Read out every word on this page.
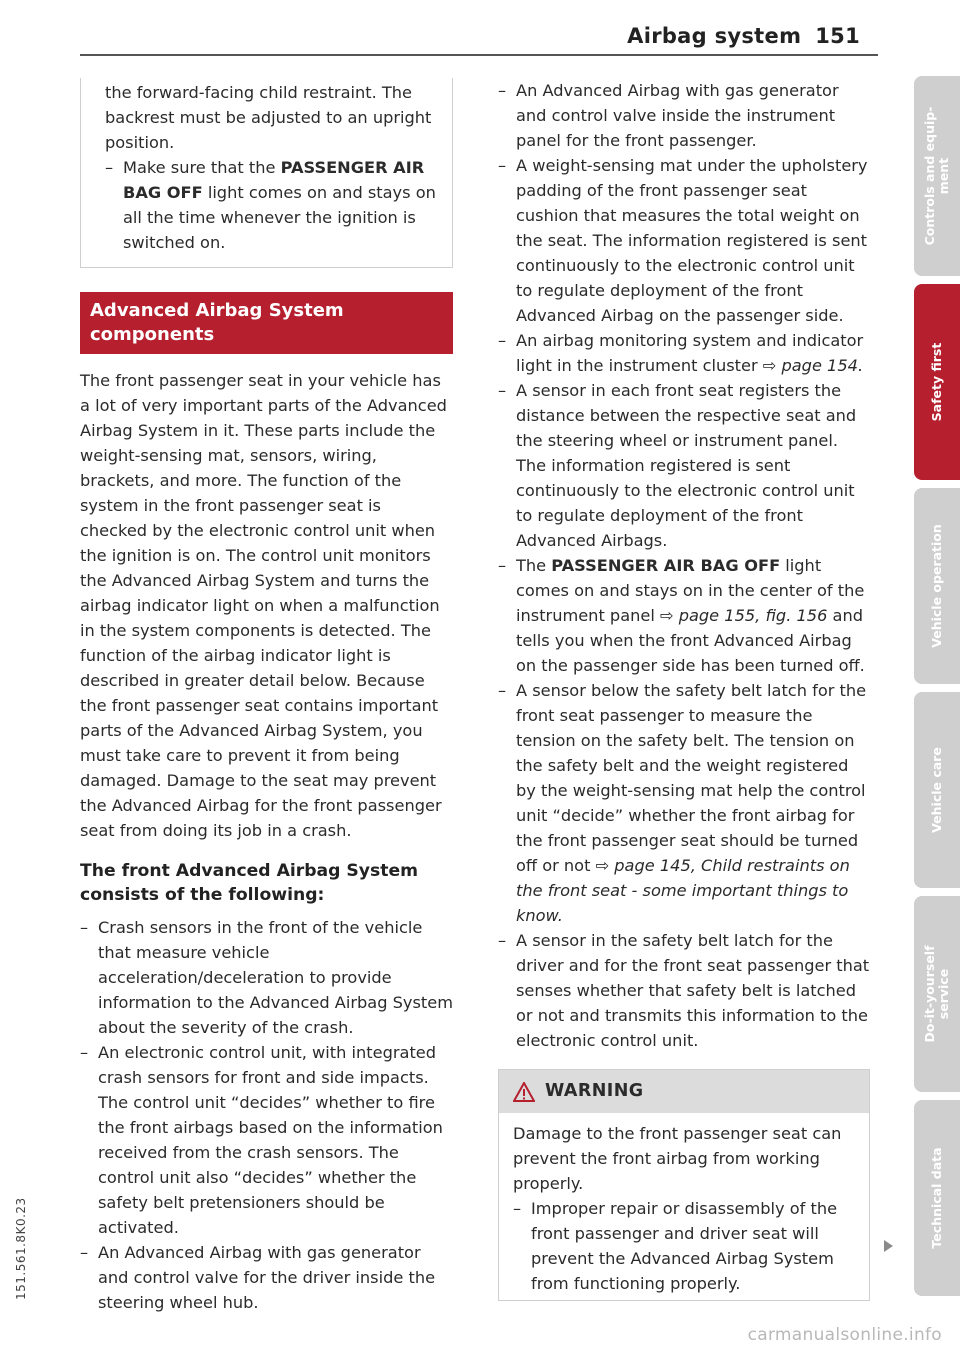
Airbag system 151

the forward-facing child restraint. The backrest must be adjusted to an upright position.

– Make sure that the PASSENGER AIR BAG OFF light comes on and stays on all the time whenever the ignition is switched on.

Advanced Airbag System components

The front passenger seat in your vehicle has a lot of very important parts of the Advanced Airbag System in it. These parts include the weight-sensing mat, sensors, wiring, brackets, and more. The function of the system in the front passenger seat is checked by the electronic control unit when the ignition is on. The control unit monitors the Advanced Airbag System and turns the airbag indicator light on when a malfunction in the system components is detected. The function of the airbag indicator light is described in greater detail below. Because the front passenger seat contains important parts of the Advanced Airbag System, you must take care to prevent it from being damaged. Damage to the seat may prevent the Advanced Airbag for the front passenger seat from doing its job in a crash.

The front Advanced Airbag System consists of the following:

– Crash sensors in the front of the vehicle that measure vehicle acceleration/deceleration to provide information to the Advanced Airbag System about the severity of the crash.

– An electronic control unit, with integrated crash sensors for front and side impacts. The control unit “decides” whether to fire the front airbags based on the information received from the crash sensors. The control unit also “decides” whether the safety belt pretensioners should be activated.

– An Advanced Airbag with gas generator and control valve for the driver inside the steering wheel hub.

– An Advanced Airbag with gas generator and control valve inside the instrument panel for the front passenger.

– A weight-sensing mat under the upholstery padding of the front passenger seat cushion that measures the total weight on the seat. The information registered is sent continuously to the electronic control unit to regulate deployment of the front Advanced Airbag on the passenger side.

– An airbag monitoring system and indicator light in the instrument cluster ⇨ page 154.

– A sensor in each front seat registers the distance between the respective seat and the steering wheel or instrument panel. The information registered is sent continuously to the electronic control unit to regulate deployment of the front Advanced Airbags.

– The PASSENGER AIR BAG OFF light comes on and stays on in the center of the instrument panel ⇨ page 155, fig. 156 and tells you when the front Advanced Airbag on the passenger side has been turned off.

– A sensor below the safety belt latch for the front seat passenger to measure the tension on the safety belt. The tension on the safety belt and the weight registered by the weight-sensing mat help the control unit “decide” whether the front airbag for the front passenger seat should be turned off or not ⇨ page 145, Child restraints on the front seat - some important things to know.

– A sensor in the safety belt latch for the driver and for the front seat passenger that senses whether that safety belt is latched or not and transmits this information to the electronic control unit.

WARNING

Damage to the front passenger seat can prevent the front airbag from working properly.

– Improper repair or disassembly of the front passenger and driver seat will prevent the Advanced Airbag System from functioning properly.

Controls and equip-
ment
Safety first
Vehicle operation
Vehicle care
Do-it-yourself
service
Technical data
151.561.8K0.23
carmanualsonline.info
